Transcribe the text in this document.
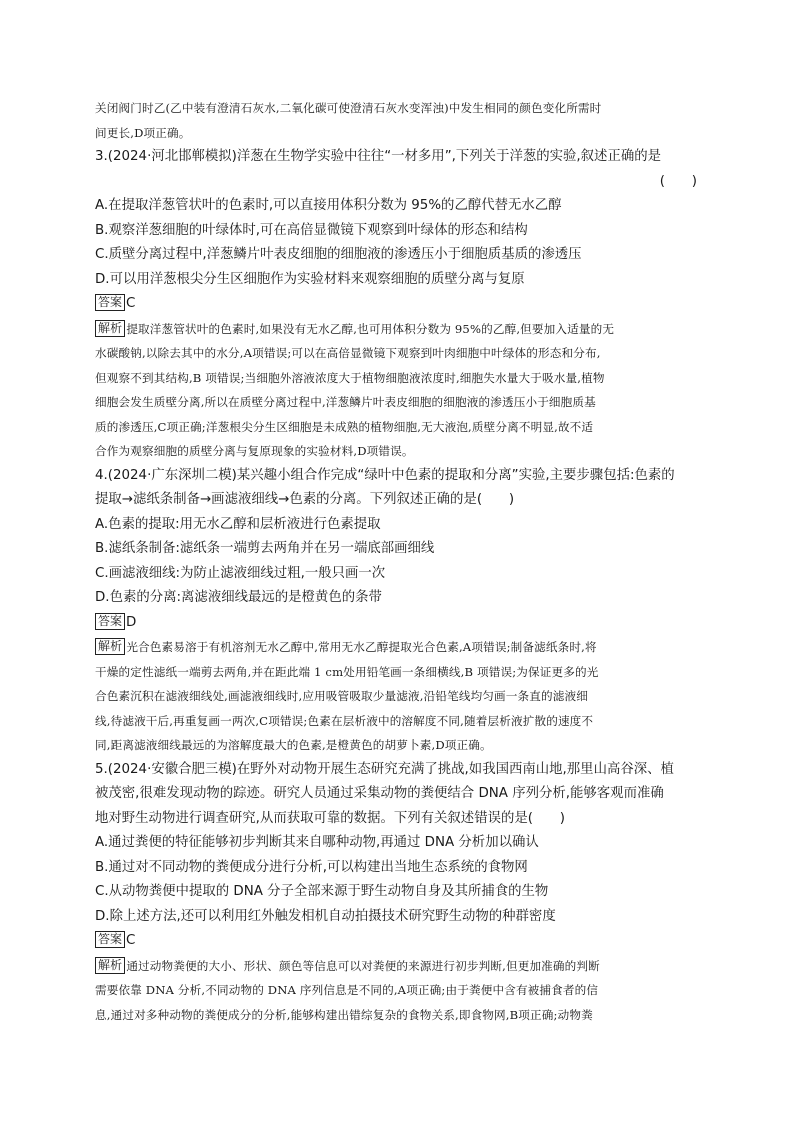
关闭阀门时乙(乙中装有澄清石灰水,二氧化碳可使澄清石灰水变浑浊)中发生相同的颜色变化所需时
间更长,D项正确。
3.(2024·河北邯郸模拟)洋葱在生物学实验中往往“一材多用”,下列关于洋葱的实验,叙述正确的是
(　　)
A.在提取洋葱管状叶的色素时,可以直接用体积分数为 95%的乙醇代替无水乙醇
B.观察洋葱细胞的叶绿体时,可在高倍显微镜下观察到叶绿体的形态和结构
C.质壁分离过程中,洋葱鳞片叶表皮细胞的细胞液的渗透压小于细胞质基质的渗透压
D.可以用洋葱根尖分生区细胞作为实验材料来观察细胞的质壁分离与复原
答案 C
解析 提取洋葱管状叶的色素时,如果没有无水乙醇,也可用体积分数为 95%的乙醇,但要加入适量的无
水碳酸钠,以除去其中的水分,A项错误;可以在高倍显微镜下观察到叶肉细胞中叶绿体的形态和分布,
但观察不到其结构,B 项错误;当细胞外溶液浓度大于植物细胞液浓度时,细胞失水量大于吸水量,植物
细胞会发生质壁分离,所以在质壁分离过程中,洋葱鳞片叶表皮细胞的细胞液的渗透压小于细胞质基
质的渗透压,C项正确;洋葱根尖分生区细胞是未成熟的植物细胞,无大液泡,质壁分离不明显,故不适
合作为观察细胞的质壁分离与复原现象的实验材料,D项错误。
4.(2024·广东深圳二模)某兴趣小组合作完成“绿叶中色素的提取和分离”实验,主要步骤包括:色素的
提取→滤纸条制备→画滤液细线→色素的分离。下列叙述正确的是(　　)
A.色素的提取:用无水乙醇和层析液进行色素提取
B.滤纸条制备:滤纸条一端剪去两角并在另一端底部画细线
C.画滤液细线:为防止滤液细线过粗,一般只画一次
D.色素的分离:离滤液细线最远的是橙黄色的条带
答案 D
解析 光合色素易溶于有机溶剂无水乙醇中,常用无水乙醇提取光合色素,A项错误;制备滤纸条时,将
干燥的定性滤纸一端剪去两角,并在距此端 1 cm处用铅笔画一条细横线,B 项错误;为保证更多的光
合色素沉积在滤液细线处,画滤液细线时,应用吸管吸取少量滤液,沿铅笔线均匀画一条直的滤液细
线,待滤液干后,再重复画一两次,C项错误;色素在层析液中的溶解度不同,随着层析液扩散的速度不
同,距离滤液细线最远的为溶解度最大的色素,是橙黄色的胡萝卜素,D项正确。
5.(2024·安徽合肥三模)在野外对动物开展生态研究充满了挑战,如我国西南山地,那里山高谷深、植
被茂密,很难发现动物的踪迹。研究人员通过采集动物的粪便结合 DNA 序列分析,能够客观而准确
地对野生动物进行调查研究,从而获取可靠的数据。下列有关叙述错误的是(　　)
A.通过粪便的特征能够初步判断其来自哪种动物,再通过 DNA 分析加以确认
B.通过对不同动物的粪便成分进行分析,可以构建出当地生态系统的食物网
C.从动物粪便中提取的 DNA 分子全部来源于野生动物自身及其所捕食的生物
D.除上述方法,还可以利用红外触发相机自动拍摄技术研究野生动物的种群密度
答案 C
解析 通过动物粪便的大小、形状、颜色等信息可以对粪便的来源进行初步判断,但更加准确的判断
需要依靠 DNA 分析,不同动物的 DNA 序列信息是不同的,A项正确;由于粪便中含有被捕食者的信
息,通过对多种动物的粪便成分的分析,能够构建出错综复杂的食物关系,即食物网,B项正确;动物粪
